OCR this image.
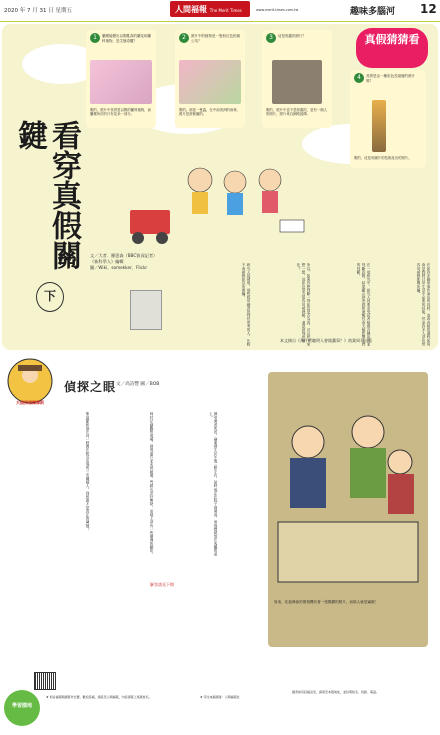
2020 年 7 月 31 日 星期五	人間福報 The Merit Times	www.merit-times.com.tw	趣味多腦河 12
1	蘭蝶能變出以假亂真的蘭花和蘭科植物，是生態奇觀？
假的，照片中其實是以假的蘭科植物，而蘭蝶所仿的只有花朵一部分。
2	照片中的植物是一隻粉紅色的蒲公英？
假的。那是一隻蟲，在中南美洲的雨林，照片是被修圖的。
3	這是郭鑫的照片？
假的，照片中並不是郭鑫的，是有一個人的照片，照片來自網路謠傳。
4	其實是由一種彩色長頸鹿的照片嗎？
假的，這是用圖片的技術產出的照片。
真假猜猜看
看穿真假關鍵
下
文／大者．羅恩森（BBC資深記者）
《新科學人》編輯
圖／Wiki、somekker、Flickr	在如許多懸崖事件演出的同時，追尋真相的過程如何會是我們日常生活中必要的技能，然而許多人卻依然容易被假新聞所騙。
在一項研究中，研究人員要求受試者檢視各種說法並判斷真假，結果顯示熟悉感和流暢性會大幅影響人們的判斷。
所以，如果你想判斷一則訊息是否為真，可以停下來想一想，這訊息是否很容易被理解，還是被刻意簡化？
研究人員發現，那些經常練習批判性思考的人，比較不會被假訊息所欺騙。
本文摘自《為什麼聰明人會做蠢事？》商業周刊出版
大偵探福爾摩斯
偵探之眼 文／高詩豐 圖／BOB
據受害者所述，竊案發生於午後三點左右，當時他正在院子裡乘涼，而珠寶就放在客廳的桌上。
柯村仔細觀察現場，發現窗戶並未被破壞，門鎖也完好無缺，而地上卻有一些潮濕的腳印。
聖誕節和他在同一時間在附近出現的三名嫌疑人，到底誰才是真正的竊賊？
解答請見下期
原來，化裝舞會的照相機有著一張模糊的照片，而那人就是竊賊！
學習園地
★ 柯旨福報閱讀寫作比賽，歡迎投稿，請投至人間福報，內容請寫上班級姓名。	★ 學生來稿請寄：人間福報社
讀者如有投稿意見，請寄至本報地址，並註明姓名、班級、電話。
